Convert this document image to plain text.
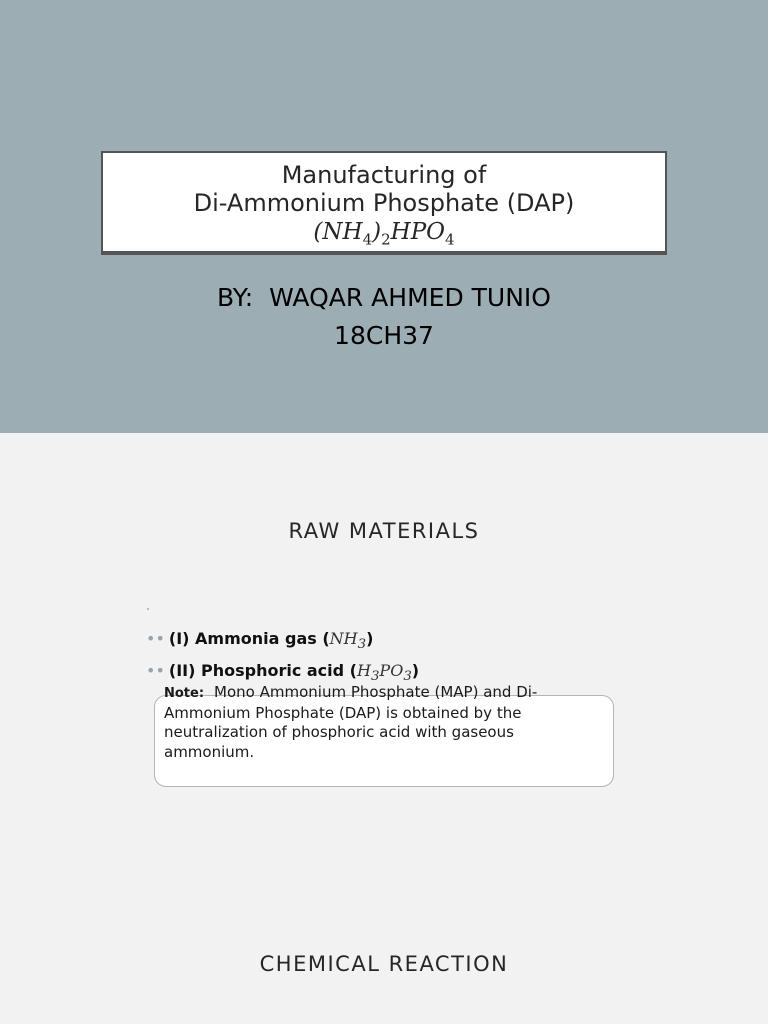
Manufacturing of
Di-Ammonium Phosphate (DAP)
$(NH_4)_2HPO_4$
BY:  WAQAR AHMED TUNIO
18CH37
RAW MATERIALS
•• (I) Ammonia gas $(NH_3)$
•• (II) Phosphoric acid $(H_3PO_3)$
Note: Mono Ammonium Phosphate (MAP) and Di-Ammonium Phosphate (DAP) is obtained by the neutralization of phosphoric acid with gaseous ammonium.
CHEMICAL REACTION
